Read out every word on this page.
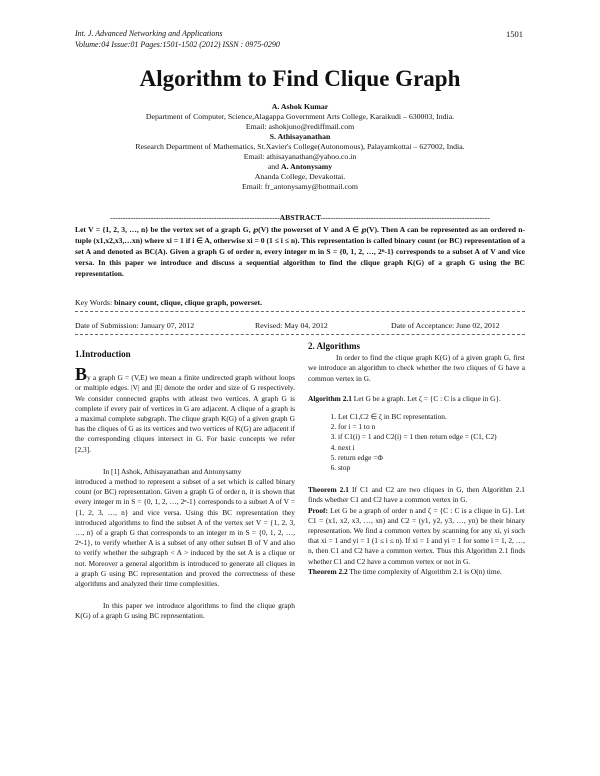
Int. J. Advanced Networking and Applications
Volume:04 Issue:01 Pages:1501-1502 (2012) ISSN : 0975-0290
1501
Algorithm to Find Clique Graph
A. Ashok Kumar
Department of Computer, Science,Alagappa Government Arts College, Karaikudi – 630003, India.
Email: ashokjuno@rediffmail.com
S. Athisayanathan
Research Department of Mathematics, St.Xavier's College(Autonomous), Palayamkottai – 627002, India.
Email: athisayanathan@yahoo.co.in
and A. Antonysamy
Ananda College, Devakottai.
Email: fr_antonysamy@hotmail.com
-------------------------------------------------------------------ABSTRACT-------------------------------------------------------------------
Let V = {1, 2, 3, …, n} be the vertex set of a graph G, ℘(V) the powerset of V and A ∈ ℘(V). Then A can be represented as an ordered n-tuple (x1,x2,x3,…xn) where xi = 1 if i ∈ A, otherwise xi = 0 (1 ≤ i ≤ n). This representation is called binary count (or BC) representation of a set A and denoted as BC(A). Given a graph G of order n, every integer m in S = {0, 1, 2, …, 2ⁿ-1} corresponds to a subset A of V and vice versa. In this paper we introduce and discuss a sequential algorithm to find the clique graph K(G) of a graph G using the BC representation.
Key Words: binary count, clique, clique graph, powerset.
Date of Submission: January 07, 2012	Revised: May 04, 2012	Date of Acceptance: June 02, 2012
1.Introduction
By a graph G = (V,E) we mean a finite undirected graph without loops or multiple edges. |V| and |E| denote the order and size of G respectively. We consider connected graphs with atleast two vertices. A graph G is complete if every pair of vertices in G are adjacent. A clique of a graph is a maximal complete subgraph. The clique graph K(G) of a given graph G has the cliques of G as its vertices and two vertices of K(G) are adjacent if the corresponding cliques intersect in G. For basic concepts we refer [2,3].
In [1] Ashok, Athisayanathan and Antonysamy
introduced a method to represent a subset of a set which is called binary count (or BC) representation. Given a graph G of order n, it is shown that every integer m in S = {0, 1, 2, …, 2ⁿ-1} corresponds to a subset A of V = {1, 2, 3, …, n} and vice versa. Using this BC representation they introduced algorithms to find the subset A of the vertex set V = {1, 2, 3, …, n} of a graph G that corresponds to an integer m in S = {0, 1, 2, …, 2ⁿ-1}, to verify whether A is a subset of any other subset B of V and also to verify whether the subgraph < A > induced by the set A is a clique or not. Moreover a general algorithm is introduced to generate all cliques in a graph G using BC representation and proved the correctness of these algorithms and analyzed their time complexities.
In this paper we introduce algorithms to find the clique graph K(G) of a graph G using BC representation.
2. Algorithms
In order to find the clique graph K(G) of a given graph G, first we introduce an algorithm to check whether the two cliques of G have a common vertex in G.
Algorithm 2.1 Let G be a graph. Let ζ = {C : C is a clique in G}.
1. Let C1,C2 ∈ ζ in BC representation.
2. for i = 1 to n
3. if C1(i) = 1 and C2(i) = 1 then return edge = (C1, C2)
4. next i
5. return edge =Φ
6. stop
Theorem 2.1 If C1 and C2 are two cliques in G, then Algorithm 2.1 finds whether C1 and C2 have a common vertex in G.
Proof: Let G be a graph of order n and ζ = {C : C is a clique in G}. Let C1 = (x1, x2, x3, …, xn) and C2 = (y1, y2, y3, …, yn) be their binary representation. We find a common vertex by scanning for any xi, yi such that xi = 1 and yi = 1 (1 ≤ i ≤ n). If xi = 1 and yi = 1 for some i = 1, 2, …, n, then C1 and C2 have a common vertex. Thus this Algorithm 2.1 finds whether C1 and C2 have a common vertex or not in G.
Theorem 2.2 The time complexity of Algorithm 2.1 is O(n) time.
